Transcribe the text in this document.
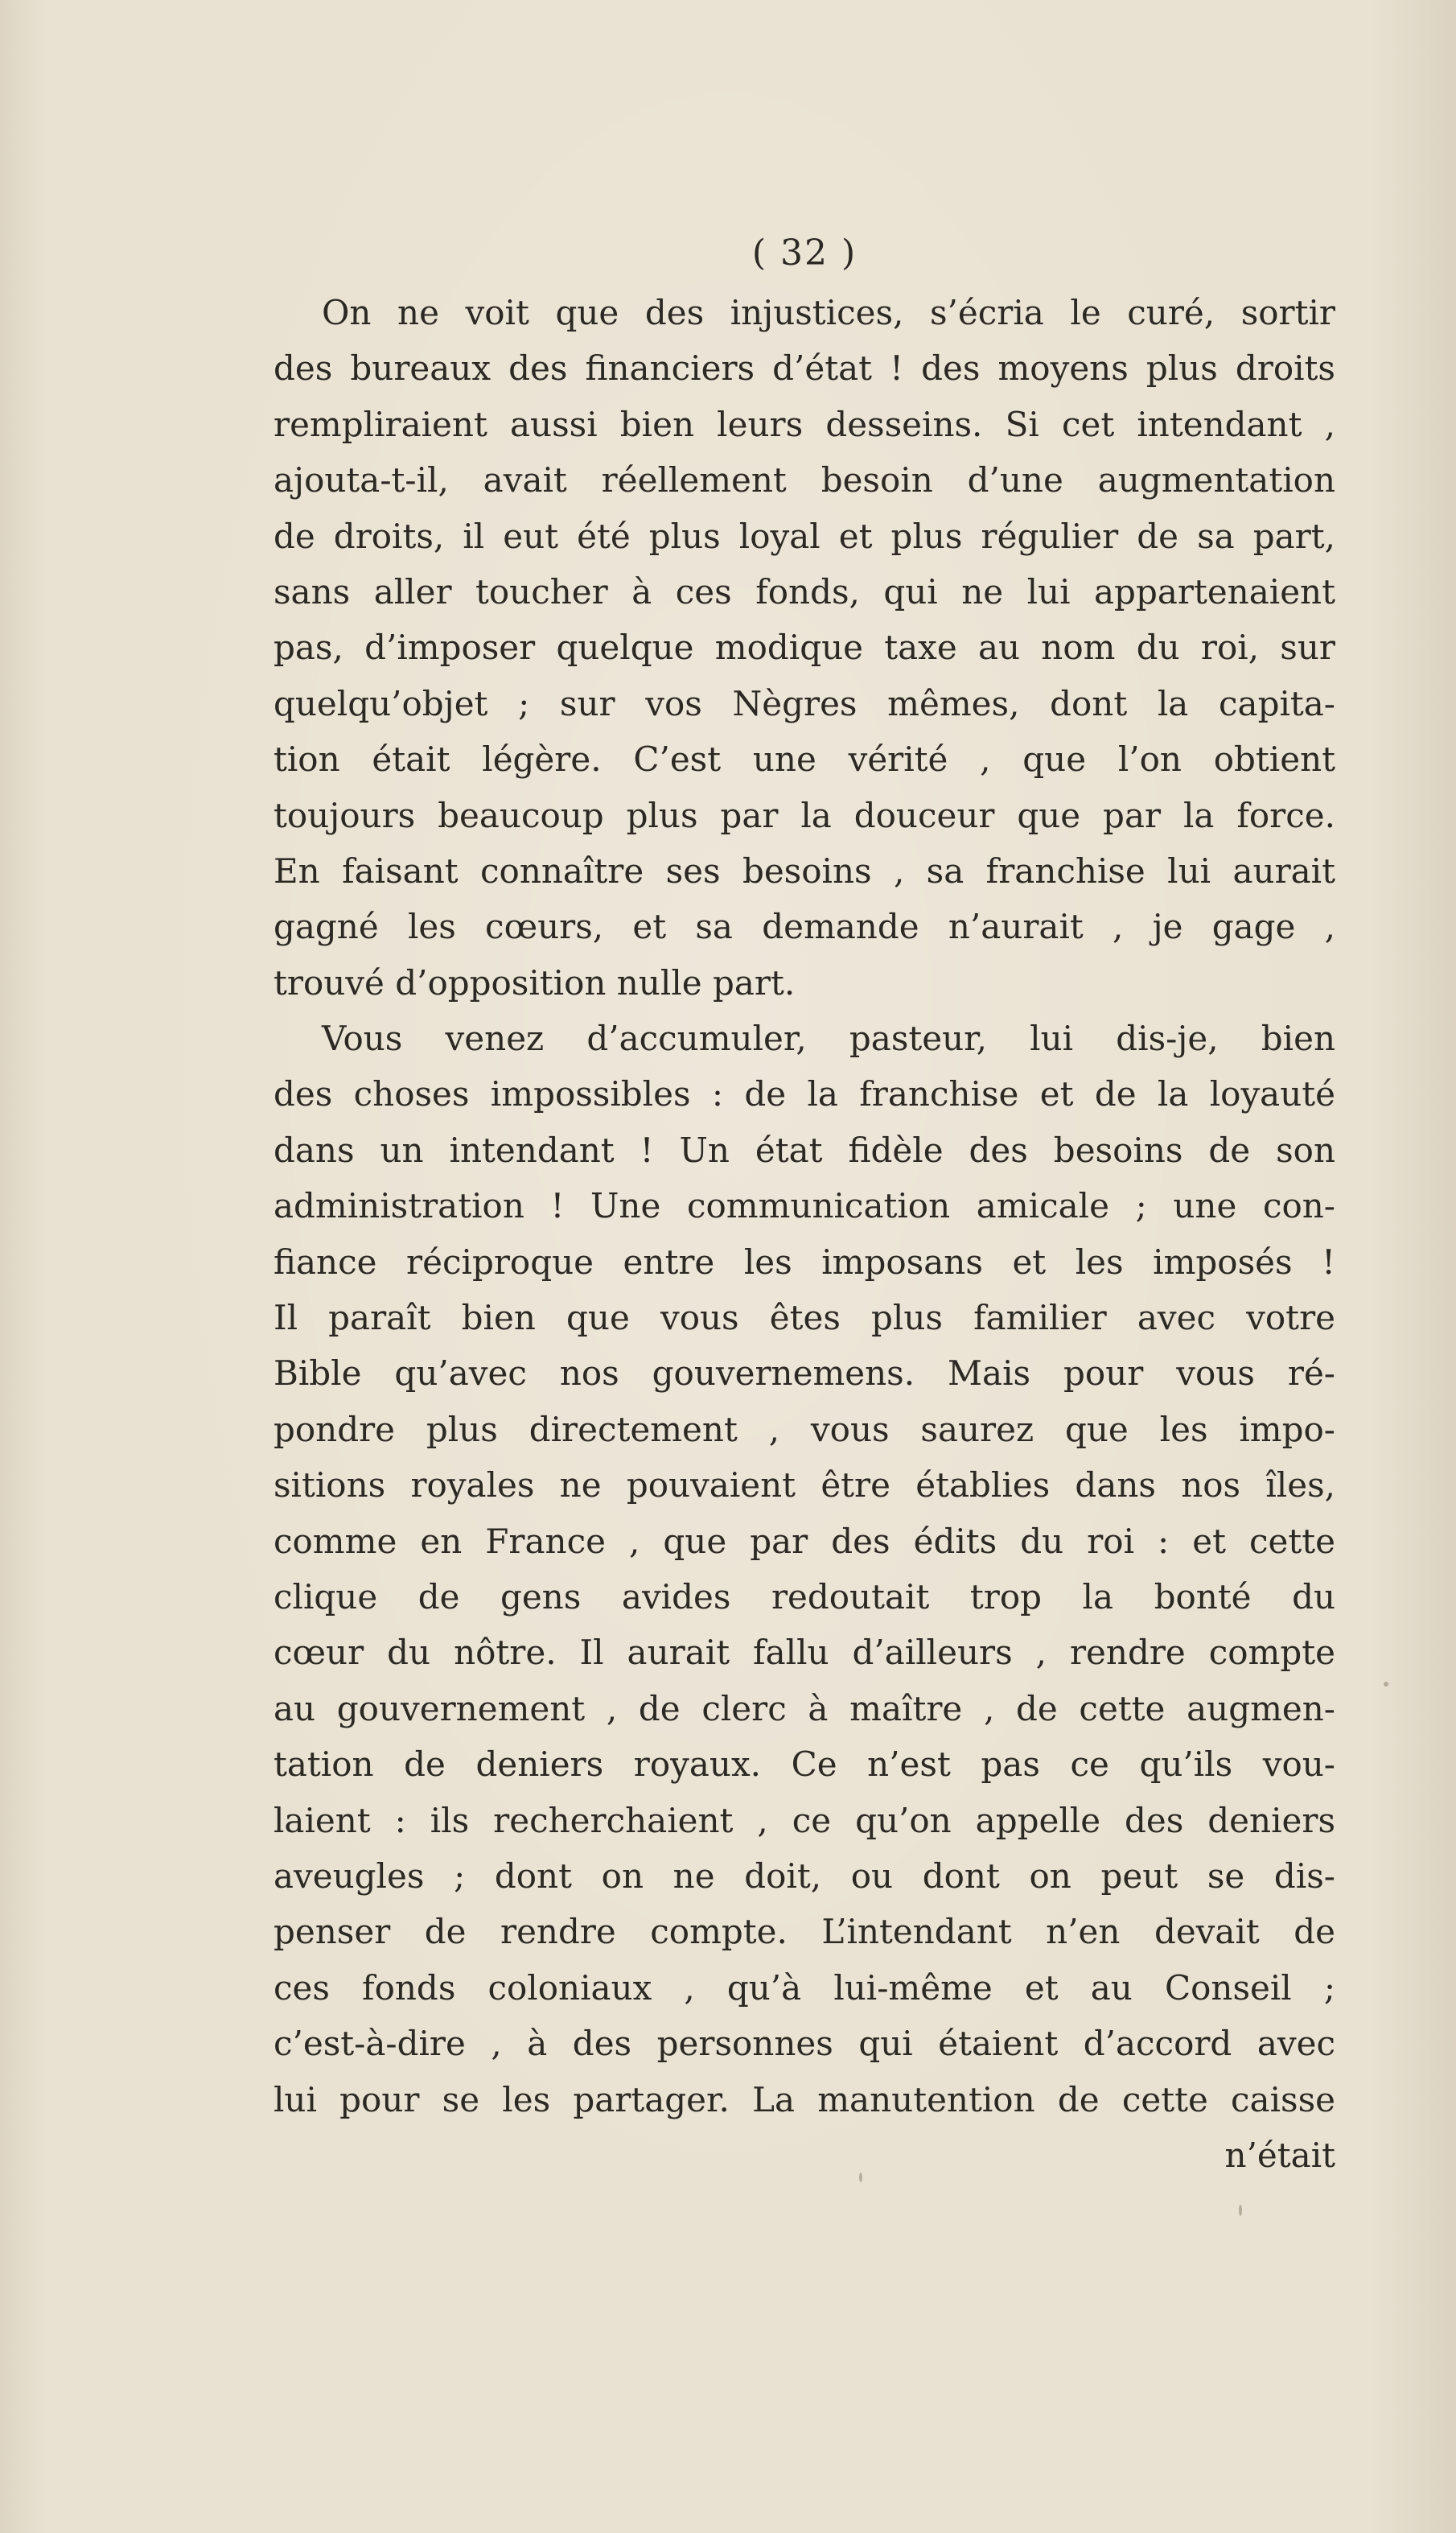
( 32 )
On ne voit que des injustices, s’écria le curé, sortir
des bureaux des financiers d’état ! des moyens plus droits
rempliraient aussi bien leurs desseins. Si cet intendant ,
ajouta-t-il, avait réellement besoin d’une augmentation
de droits, il eut été plus loyal et plus régulier de sa part,
sans aller toucher à ces fonds, qui ne lui appartenaient
pas, d’imposer quelque modique taxe au nom du roi, sur
quelqu’objet ; sur vos Nègres mêmes, dont la capita-
tion était légère. C’est une vérité , que l’on obtient
toujours beaucoup plus par la douceur que par la force.
En faisant connaître ses besoins , sa franchise lui aurait
gagné les cœurs, et sa demande n’aurait , je gage ,
trouvé d’opposition nulle part.
Vous venez d’accumuler, pasteur, lui dis-je, bien
des choses impossibles : de la franchise et de la loyauté
dans un intendant ! Un état fidèle des besoins de son
administration ! Une communication amicale ; une con-
fiance réciproque entre les imposans et les imposés !
Il paraît bien que vous êtes plus familier avec votre
Bible qu’avec nos gouvernemens. Mais pour vous ré-
pondre plus directement , vous saurez que les impo-
sitions royales ne pouvaient être établies dans nos îles,
comme en France , que par des édits du roi : et cette
clique de gens avides redoutait trop la bonté du
cœur du nôtre. Il aurait fallu d’ailleurs , rendre compte
au gouvernement , de clerc à maître , de cette augmen-
tation de deniers royaux. Ce n’est pas ce qu’ils vou-
laient : ils recherchaient , ce qu’on appelle des deniers
aveugles ; dont on ne doit, ou dont on peut se dis-
penser de rendre compte. L’intendant n’en devait de
ces fonds coloniaux , qu’à lui-même et au Conseil ;
c’est-à-dire , à des personnes qui étaient d’accord avec
lui pour se les partager. La manutention de cette caisse
n’était
